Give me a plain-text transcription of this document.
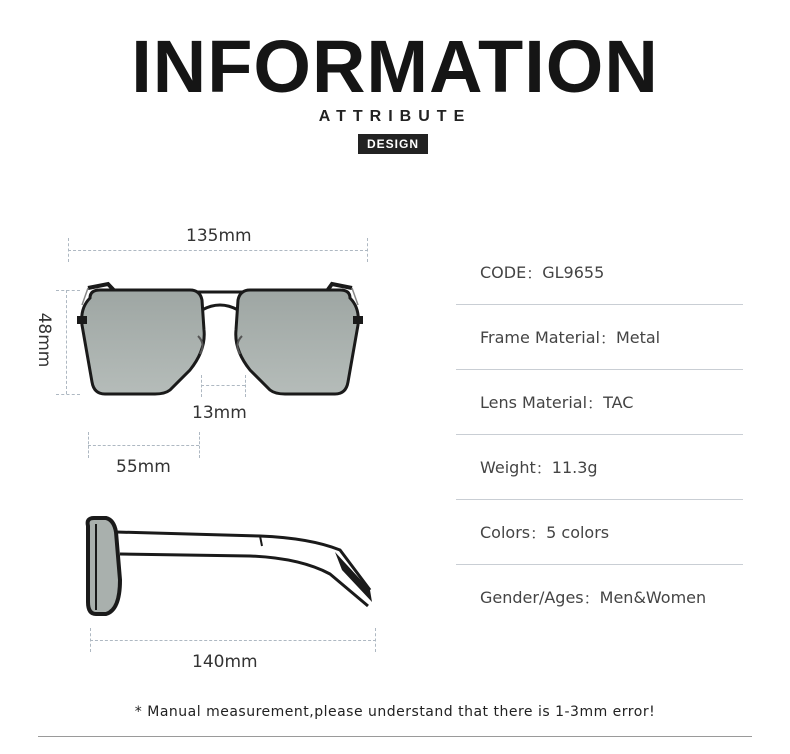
INFORMATION
ATTRIBUTE
DESIGN
135mm
48mm
13mm
55mm
140mm
CODE ： GL9655
Frame Material ： Metal
Lens Material ： TAC
Weight ： 11.3g
Colors ： 5 colors
Gender/Ages ： Men&Women
* Manual measurement,please understand that there is 1-3mm error!
